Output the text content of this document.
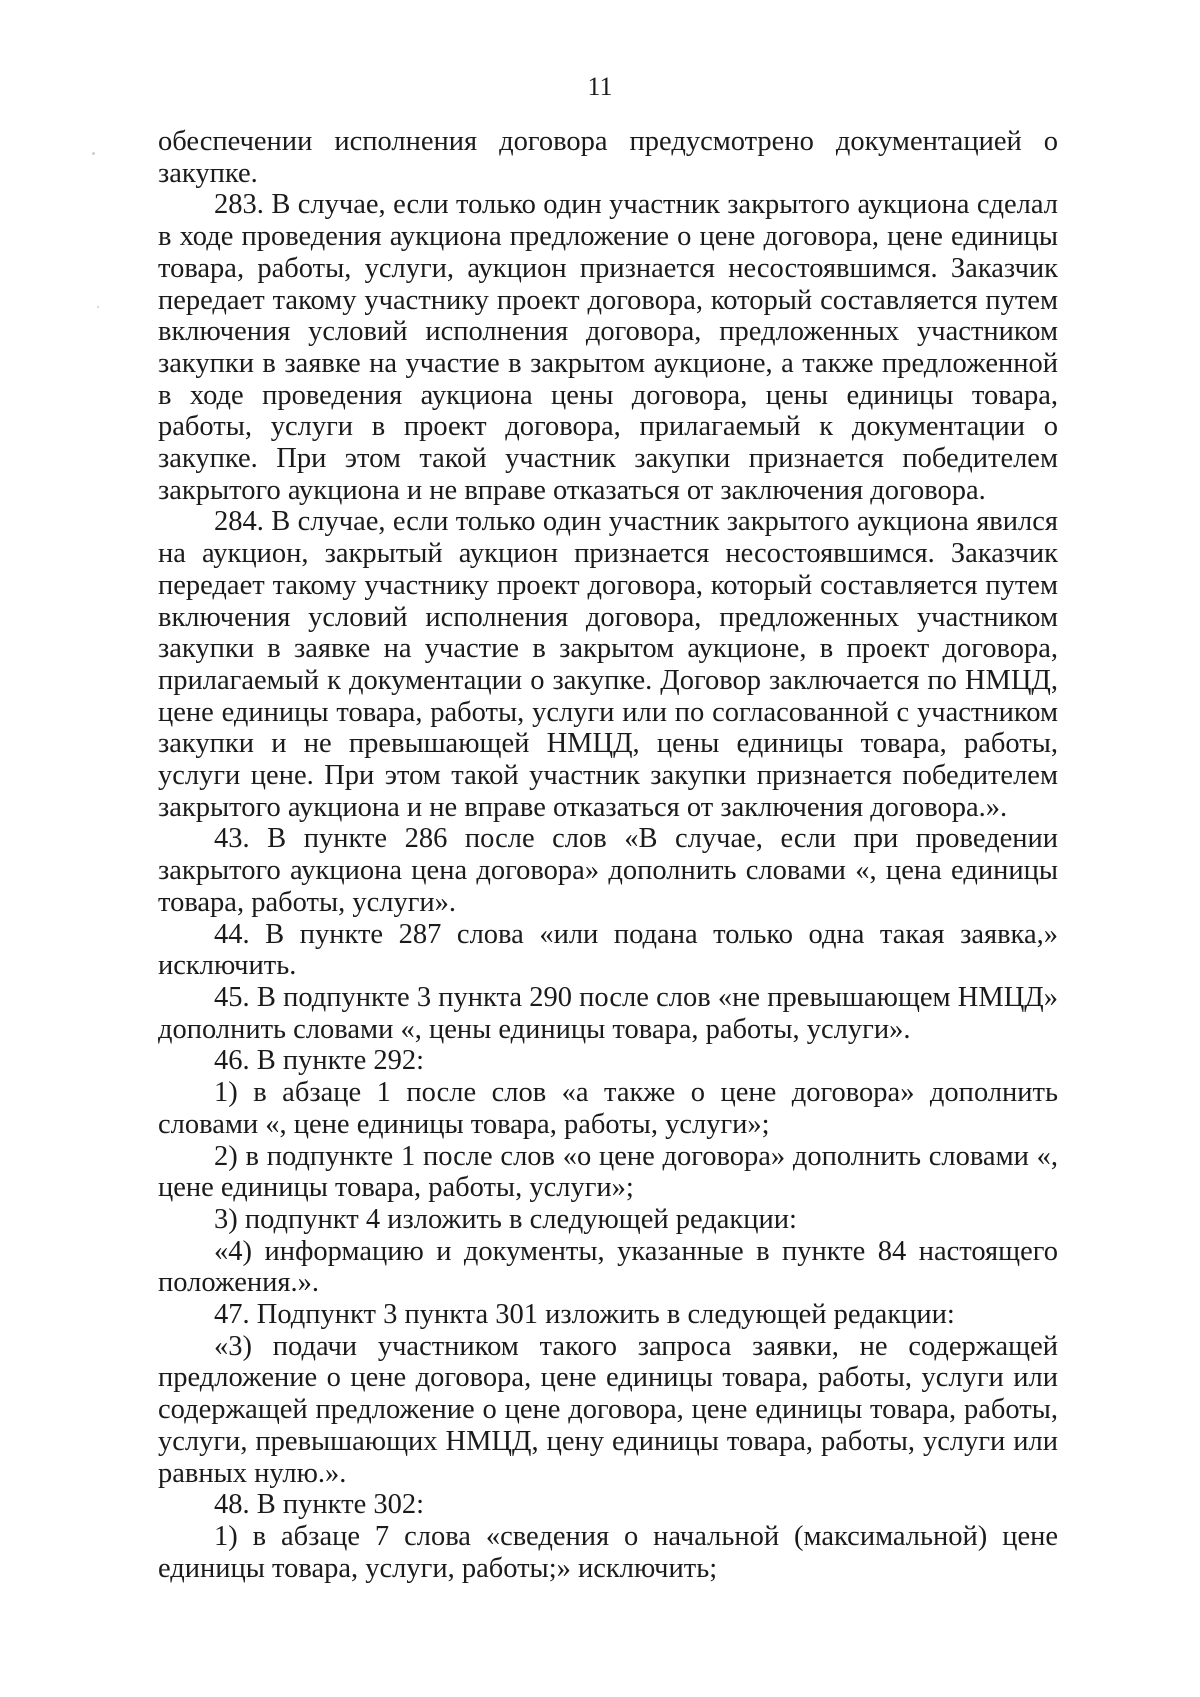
11

обеспечении исполнения договора предусмотрено документацией о закупке.

283. В случае, если только один участник закрытого аукциона сделал в ходе проведения аукциона предложение о цене договора, цене единицы товара, работы, услуги, аукцион признается несостоявшимся. Заказчик передает такому участнику проект договора, который составляется путем включения условий исполнения договора, предложенных участником закупки в заявке на участие в закрытом аукционе, а также предложенной в ходе проведения аукциона цены договора, цены единицы товара, работы, услуги в проект договора, прилагаемый к документации о закупке. При этом такой участник закупки признается победителем закрытого аукциона и не вправе отказаться от заключения договора.

284. В случае, если только один участник закрытого аукциона явился на аукцион, закрытый аукцион признается несостоявшимся. Заказчик передает такому участнику проект договора, который составляется путем включения условий исполнения договора, предложенных участником закупки в заявке на участие в закрытом аукционе, в проект договора, прилагаемый к документации о закупке. Договор заключается по НМЦД, цене единицы товара, работы, услуги или по согласованной с участником закупки и не превышающей НМЦД, цены единицы товара, работы, услуги цене. При этом такой участник закупки признается победителем закрытого аукциона и не вправе отказаться от заключения договора.».

43. В пункте 286 после слов «В случае, если при проведении закрытого аукциона цена договора» дополнить словами «, цена единицы товара, работы, услуги».

44. В пункте 287 слова «или подана только одна такая заявка,» исключить.

45. В подпункте 3 пункта 290 после слов «не превышающем НМЦД» дополнить словами «, цены единицы товара, работы, услуги».

46. В пункте 292:

1) в абзаце 1 после слов «а также о цене договора» дополнить словами «, цене единицы товара, работы, услуги»;

2) в подпункте 1 после слов «о цене договора» дополнить словами «, цене единицы товара, работы, услуги»;

3) подпункт 4 изложить в следующей редакции:

«4) информацию и документы, указанные в пункте 84 настоящего положения.».

47. Подпункт 3 пункта 301 изложить в следующей редакции:

«3) подачи участником такого запроса заявки, не содержащей предложение о цене договора, цене единицы товара, работы, услуги или содержащей предложение о цене договора, цене единицы товара, работы, услуги, превышающих НМЦД, цену единицы товара, работы, услуги или равных нулю.».

48. В пункте 302:

1) в абзаце 7 слова «сведения о начальной (максимальной) цене единицы товара, услуги, работы;» исключить;
